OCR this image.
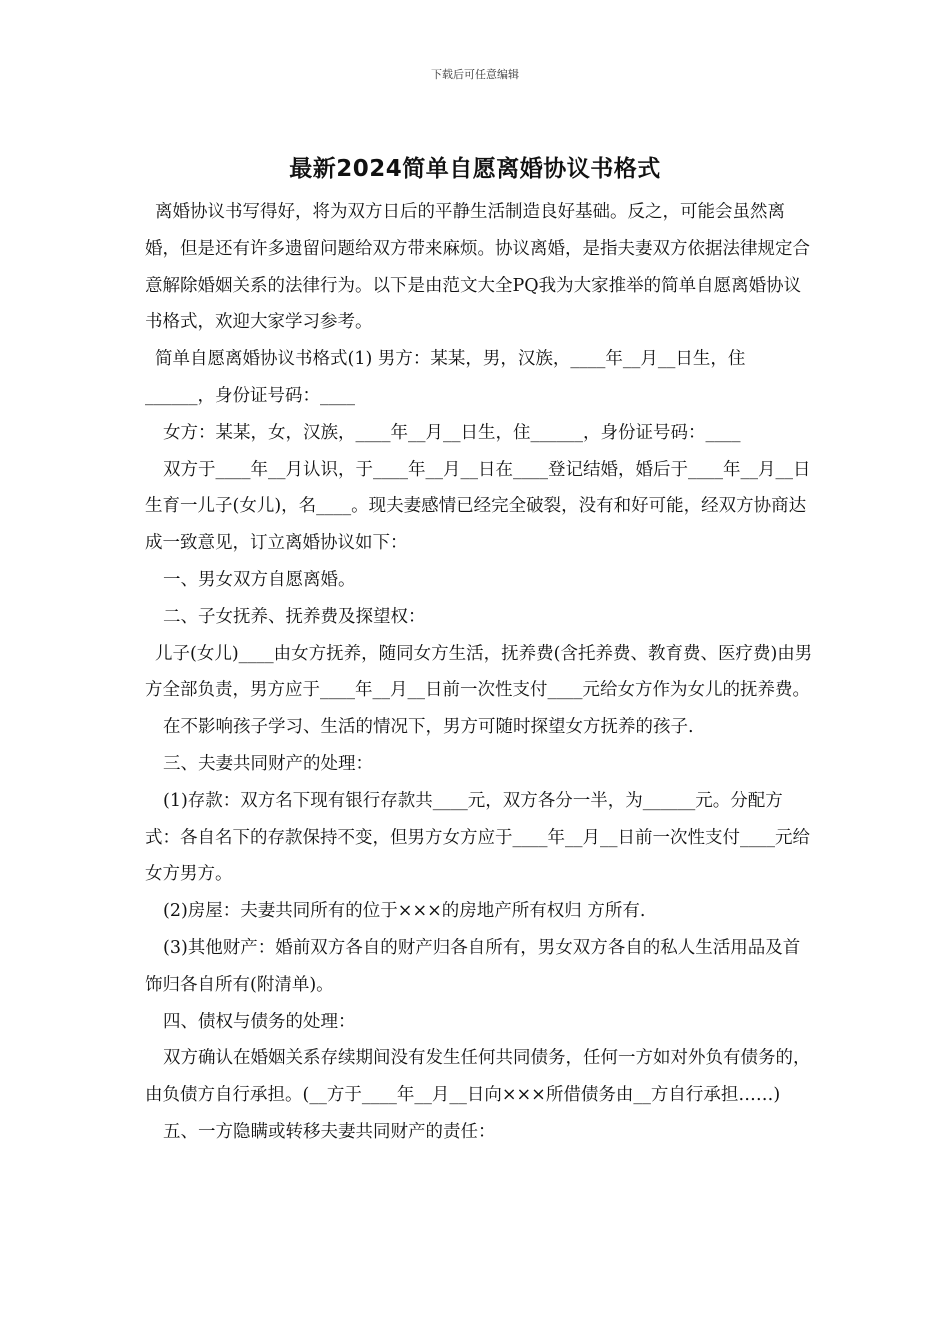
下载后可任意编辑
最新2024简单自愿离婚协议书格式

离婚协议书写得好，将为双方日后的平静生活制造良好基础。反之，可能会虽然离婚，但是还有许多遗留问题给双方带来麻烦。协议离婚，是指夫妻双方依据法律规定合意解除婚姻关系的法律行为。以下是由范文大全PQ我为大家推举的简单自愿离婚协议书格式，欢迎大家学习参考。

简单自愿离婚协议书格式(1) 男方：某某，男，汉族，____年__月__日生，住______，身份证号码：____

女方：某某，女，汉族，____年__月__日生，住______，身份证号码：____

双方于____年__月认识，于____年__月__日在____登记结婚，婚后于____年__月__日生育一儿子(女儿)，名____。现夫妻感情已经完全破裂，没有和好可能，经双方协商达成一致意见，订立离婚协议如下：

一、男女双方自愿离婚。

二、子女抚养、抚养费及探望权：

儿子(女儿)____由女方抚养，随同女方生活，抚养费(含托养费、教育费、医疗费)由男方全部负责，男方应于____年__月__日前一次性支付____元给女方作为女儿的抚养费。

在不影响孩子学习、生活的情况下，男方可随时探望女方抚养的孩子.

三、夫妻共同财产的处理：

(1)存款：双方名下现有银行存款共____元，双方各分一半，为______元。分配方式：各自名下的存款保持不变，但男方女方应于____年__月__日前一次性支付____元给女方男方。

(2)房屋：夫妻共同所有的位于×××的房地产所有权归 方所有.

(3)其他财产：婚前双方各自的财产归各自所有，男女双方各自的私人生活用品及首饰归各自所有(附清单)。

四、债权与债务的处理：

双方确认在婚姻关系存续期间没有发生任何共同债务，任何一方如对外负有债务的，由负债方自行承担。(__方于____年__月__日向×××所借债务由__方自行承担……)

五、一方隐瞒或转移夫妻共同财产的责任：
